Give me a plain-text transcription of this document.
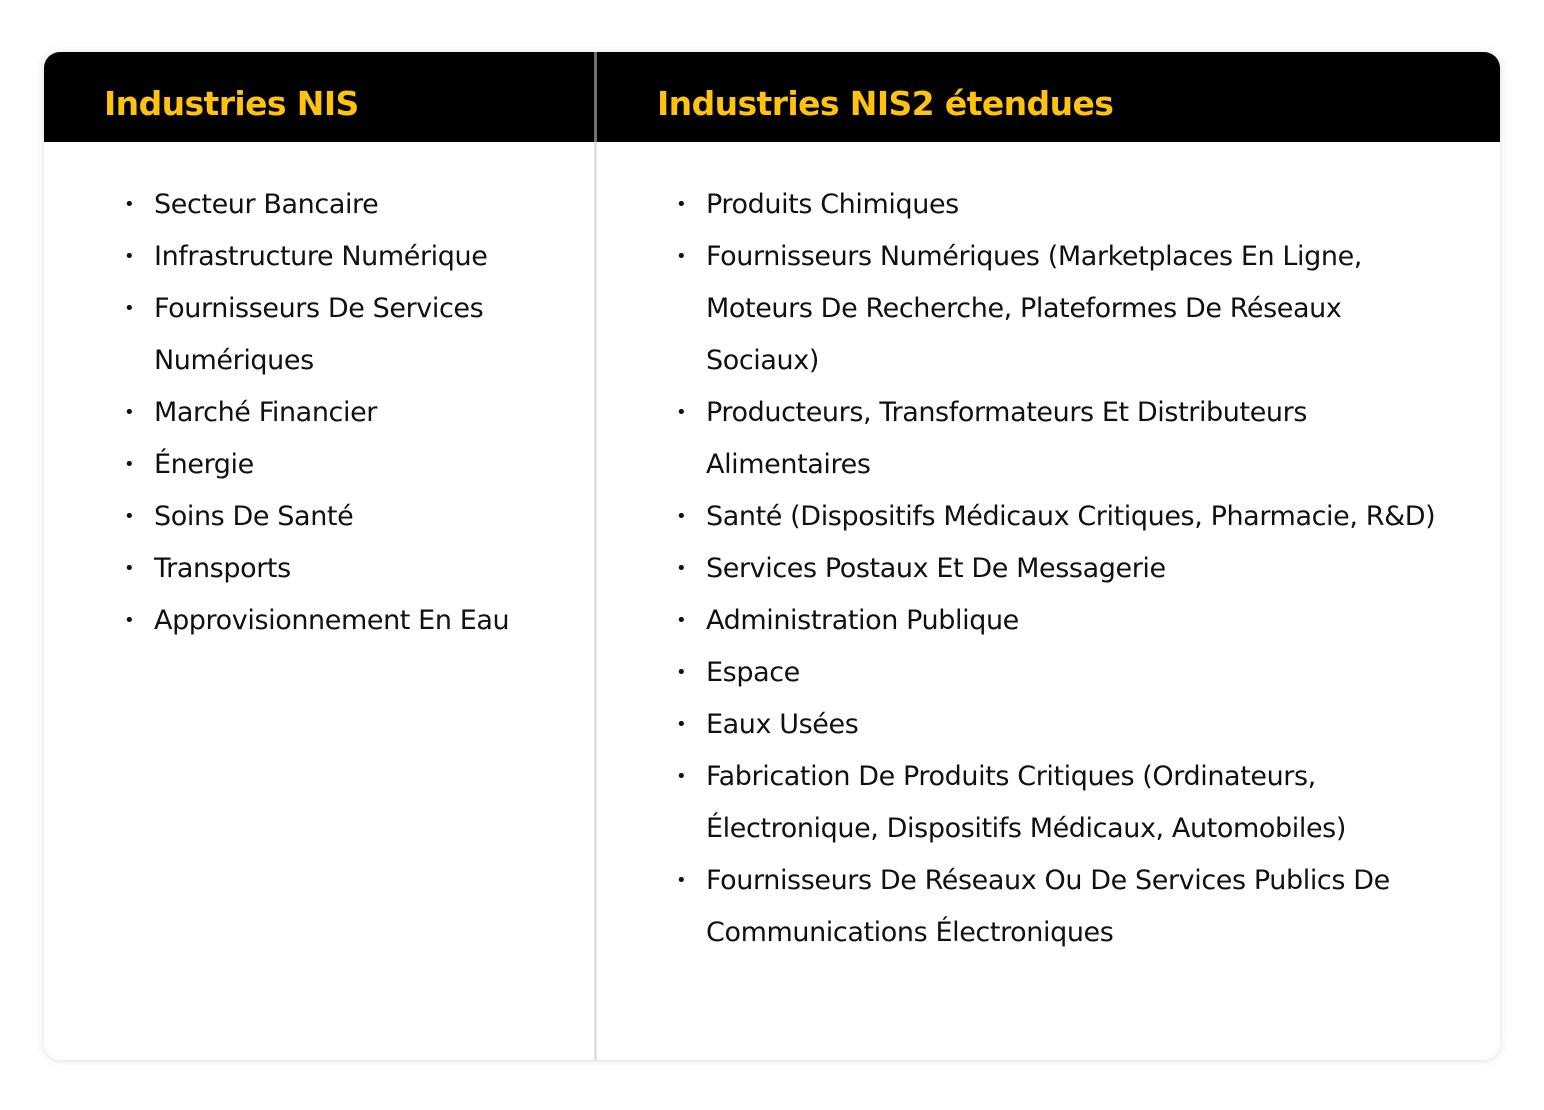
Industries NIS	Industries NIS2 étendues
• Secteur Bancaire
• Infrastructure Numérique
• Fournisseurs De Services Numériques
• Marché Financier
• Énergie
• Soins De Santé
• Transports
• Approvisionnement En Eau
• Produits Chimiques
• Fournisseurs Numériques (Marketplaces En Ligne, Moteurs De Recherche, Plateformes De Réseaux Sociaux)
• Producteurs, Transformateurs Et Distributeurs Alimentaires
• Santé (Dispositifs Médicaux Critiques, Pharmacie, R&D)
• Services Postaux Et De Messagerie
• Administration Publique
• Espace
• Eaux Usées
• Fabrication De Produits Critiques (Ordinateurs, Électronique, Dispositifs Médicaux, Automobiles)
• Fournisseurs De Réseaux Ou De Services Publics De Communications Électroniques
